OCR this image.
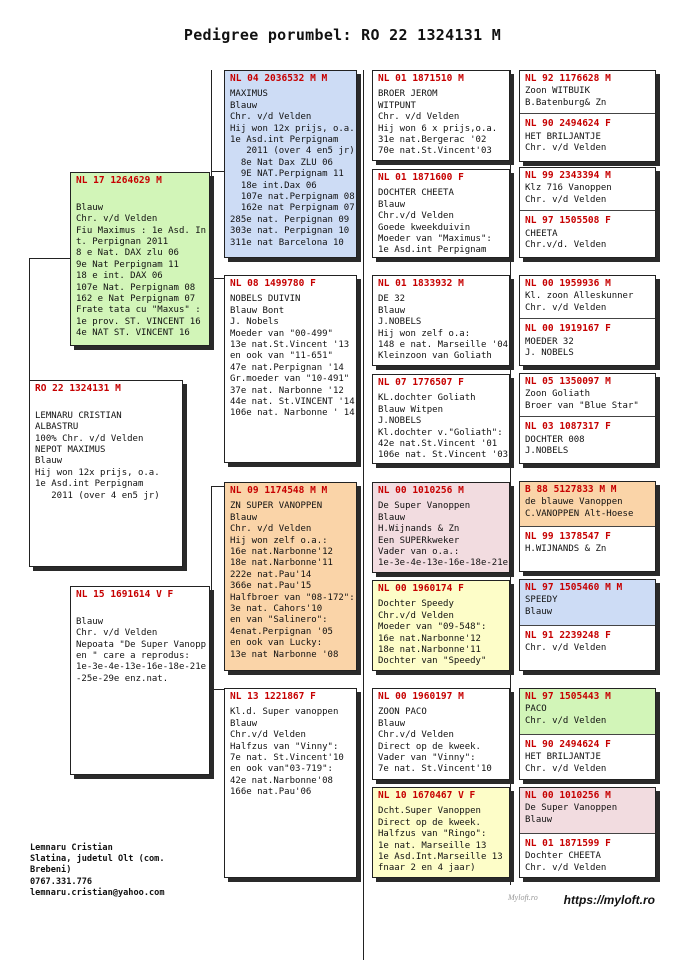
Pedigree porumbel: RO 22 1324131 M
RO 22 1324131 M

LEMNARU CRISTIAN
ALBASTRU
100% Chr. v/d Velden
NEPOT MAXIMUS
Blauw
Hij won 12x prijs, o.a.
1e Asd.int Perpignam
2011 (over 4 en5 jr)
NL 17 1264629 M

Blauw
Chr. v/d Velden
Fiu Maximus : 1e Asd. In
t. Perpignan 2011
8 e Nat. DAX zlu 06
9e Nat Perpignam 11
18 e int. DAX 06
107e Nat. Perpignam 08
162 e Nat Perpignam 07
Frate tata cu "Maxus" :
1e prov. ST. VINCENT 16
4e NAT ST. VINCENT 16
NL 15 1691614 V F

Blauw
Chr. v/d Velden
Nepoata "De Super Vanopp
en " care a reprodus:
1e-3e-4e-13e-16e-18e-21e
-25e-29e enz.nat.
NL 04 2036532 M M
MAXIMUS
Blauw
Chr. v/d Velden
Hij won 12x prijs, o.a.
1e Asd.int Perpignam
2011 (over 4 en5 jr)
8e Nat Dax ZLU 06
9E NAT.Perpignam 11
18e int.Dax 06
107e nat.Perpignam 08
162e nat Perpignam 07
285e nat. Perpignan 09
303e nat. Perpignan 10
311e nat Barcelona 10
NL 08 1499780 F
NOBELS DUIVIN
Blauw Bont
J. Nobels
Moeder van "00-499"
13e nat.St.Vincent '13
en ook van "11-651"
47e nat.Perpignan '14
Gr.moeder van "10-491"
37e nat. Narbonne '12
44e nat. St.VINCENT '14
106e nat. Narbonne ' 14
NL 09 1174548 M M
ZN SUPER VANOPPEN
Blauw
Chr. v/d Velden
Hij won zelf o.a.:
16e nat.Narbonne'12
18e nat.Narbonne'11
222e nat.Pau'14
366e nat.Pau'15
Halfbroer van "08-172":
3e nat. Cahors'10
en van "Salinero":
4enat.Perpignan '05
en ook van Lucky:
13e nat Narbonne '08
NL 13 1221867 F
Kl.d. Super vanoppen
Blauw
Chr.v/d Velden
Halfzus van "Vinny":
7e nat. St.Vincent'10
en ook van"03-719":
42e nat.Narbonne'08
166e nat.Pau'06
NL 01 1871510 M
BROER JEROM
WITPUNT
Chr. v/d Velden
Hij won 6 x prijs,o.a.
31e nat.Bergerac '02
70e nat.St.Vincent'03
NL 01 1871600 F
DOCHTER CHEETA
Blauw
Chr.v/d Velden
Goede kweekduivin
Moeder van "Maximus":
1e Asd.int Perpignam
NL 01 1833932 M
DE 32
Blauw
J.NOBELS
Hij won zelf o.a:
148 e nat. Marseille '04
Kleinzoon van Goliath
NL 07 1776507 F
KL.dochter Goliath
Blauw Witpen
J.NOBELS
Kl.dochter v."Goliath":
42e nat.St.Vincent '01
106e nat. St.Vincent '03
NL 00 1010256 M
De Super Vanoppen
Blauw
H.Wijnands & Zn
Een SUPERkweker
Vader van o.a.:
1e-3e-4e-13e-16e-18e-21e
NL 00 1960174 F
Dochter Speedy
Chr.v/d Velden
Moeder van "09-548":
16e nat.Narbonne'12
18e nat.Narbonne'11
Dochter van "Speedy"
NL 00 1960197 M
ZOON PACO
Blauw
Chr.v/d Velden
Direct op de kweek.
Vader van "Vinny":
7e nat. St.Vincent'10
NL 10 1670467 V F
Dcht.Super Vanoppen
Direct op de kweek.
Halfzus van "Ringo":
1e nat. Marseille 13
1e Asd.Int.Marseille 13
fnaar 2 en 4 jaar)
NL 92 1176628 M
Zoon WITBUIK
B.Batenburg& Zn
NL 90 2494624 F
HET BRILJANTJE
Chr. v/d Velden
NL 99 2343394 M
Klz 716 Vanoppen
Chr. v/d Velden
NL 97 1505508 F
CHEETA
Chr.v/d. Velden
NL 00 1959936 M
Kl. zoon Alleskunner
Chr. v/d Velden
NL 00 1919167 F
MOEDER 32
J. NOBELS
NL 05 1350097 M
Zoon Goliath
Broer van "Blue Star"
NL 03 1087317 F
DOCHTER 008
J.NOBELS
B 88 5127833 M M
de blauwe Vanoppen
C.VANOPPEN Alt-Hoese
NL 99 1378547 F
H.WIJNANDS & Zn
NL 97 1505460 M M
SPEEDY
Blauw
NL 91 2239248 F
Chr. v/d Velden
NL 97 1505443 M
PACO
Chr. v/d Velden
NL 90 2494624 F
HET BRILJANTJE
Chr. v/d Velden
NL 00 1010256 M
De Super Vanoppen
Blauw
NL 01 1871599 F
Dochter CHEETA
Chr. v/d Velden
Lemnaru Cristian
Slatina, judetul Olt (com.
Brebeni)
0767.331.776
lemnaru.cristian@yahoo.com	Myloft.ro https://myloft.ro
